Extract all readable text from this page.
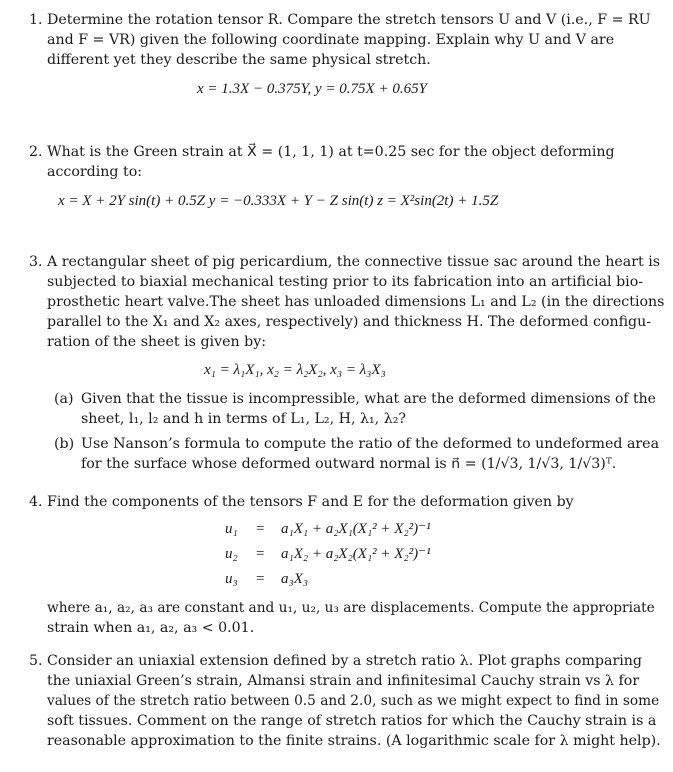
1. Determine the rotation tensor R. Compare the stretch tensors U and V (i.e., F = RU

and F = VR) given the following coordinate mapping. Explain why U and V are

different yet they describe the same physical stretch.

x = 1.3X − 0.375Y, y = 0.75X + 0.65Y

2. What is the Green strain at X⃗ = (1, 1, 1) at t=0.25 sec for the object deforming

according to:

x = X + 2Y sin(t) + 0.5Z y = −0.333X + Y − Z sin(t) z = X²sin(2t) + 1.5Z

3. A rectangular sheet of pig pericardium, the connective tissue sac around the heart is

subjected to biaxial mechanical testing prior to its fabrication into an artificial bio-

prosthetic heart valve.The sheet has unloaded dimensions L₁ and L₂ (in the directions

parallel to the X₁ and X₂ axes, respectively) and thickness H. The deformed configu-

ration of the sheet is given by:

x₁ = λ₁X₁, x₂ = λ₂X₂, x₃ = λ₃X₃

(a) Given that the tissue is incompressible, what are the deformed dimensions of the

sheet, l₁, l₂ and h in terms of L₁, L₂, H, λ₁, λ₂?

(b) Use Nanson’s formula to compute the ratio of the deformed to undeformed area

for the surface whose deformed outward normal is n⃗ = (1/√3, 1/√3, 1/√3)ᵀ.

4. Find the components of the tensors F and E for the deformation given by

u₁ = a₁X₁ + a₂X₁(X₁² + X₂²)⁻¹

u₂ = a₁X₂ + a₂X₂(X₁² + X₂²)⁻¹

u₃ = a₃X₃

where a₁, a₂, a₃ are constant and u₁, u₂, u₃ are displacements. Compute the appropriate

strain when a₁, a₂, a₃ < 0.01.

5. Consider an uniaxial extension defined by a stretch ratio λ. Plot graphs comparing

the uniaxial Green’s strain, Almansi strain and infinitesimal Cauchy strain vs λ for

values of the stretch ratio between 0.5 and 2.0, such as we might expect to find in some

soft tissues. Comment on the range of stretch ratios for which the Cauchy strain is a

reasonable approximation to the finite strains. (A logarithmic scale for λ might help).
